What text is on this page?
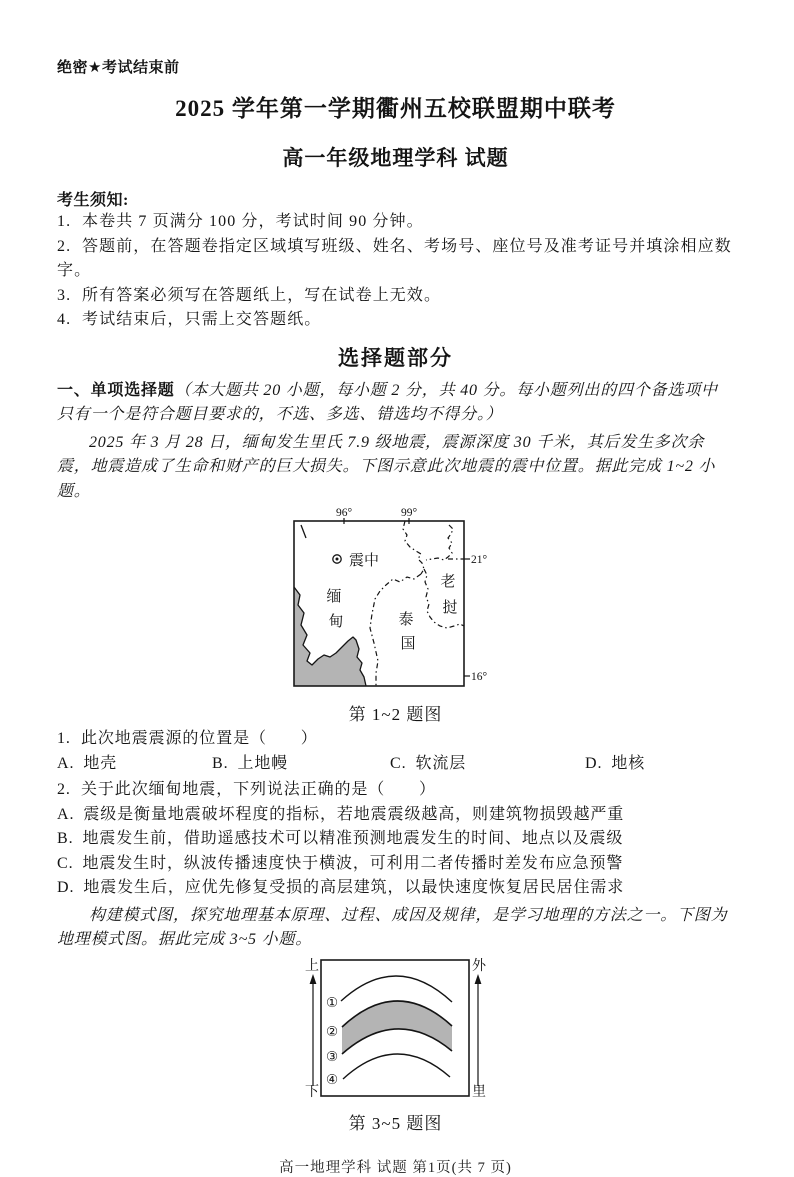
绝密★考试结束前
2025 学年第一学期衢州五校联盟期中联考
高一年级地理学科 试题
考生须知:
1. 本卷共 7 页满分 100 分，考试时间 90 分钟。
2. 答题前，在答题卷指定区域填写班级、姓名、考场号、座位号及准考证号并填涂相应数字。
3. 所有答案必须写在答题纸上，写在试卷上无效。
4. 考试结束后，只需上交答题纸。
选择题部分

一、单项选择题（本大题共 20 小题，每小题 2 分，共 40 分。每小题列出的四个备选项中只有一个是符合题目要求的，不选、多选、错选均不得分。）

2025 年 3 月 28 日，缅甸发生里氏 7.9 级地震，震源深度 30 千米，其后发生多次余震，地震造成了生命和财产的巨大损失。下图示意此次地震的震中位置。据此完成 1~2 小题。

96°	99°
21°
16°
震中
缅
甸	泰
国
老
挝
第 1~2 题图
1. 此次地震震源的位置是（　　）
A. 地壳	B. 上地幔	C. 软流层	D. 地核
2. 关于此次缅甸地震，下列说法正确的是（　　）
A. 震级是衡量地震破坏程度的指标，若地震震级越高，则建筑物损毁越严重
B. 地震发生前，借助遥感技术可以精准预测地震发生的时间、地点以及震级
C. 地震发生时，纵波传播速度快于横波，可利用二者传播时差发布应急预警
D. 地震发生后，应优先修复受损的高层建筑，以最快速度恢复居民居住需求

构建模式图，探究地理基本原理、过程、成因及规律，是学习地理的方法之一。下图为地理模式图。据此完成 3~5 小题。

①
②
③
④
上
下
外
里
第 3~5 题图
高一地理学科 试题 第1页(共 7 页)
